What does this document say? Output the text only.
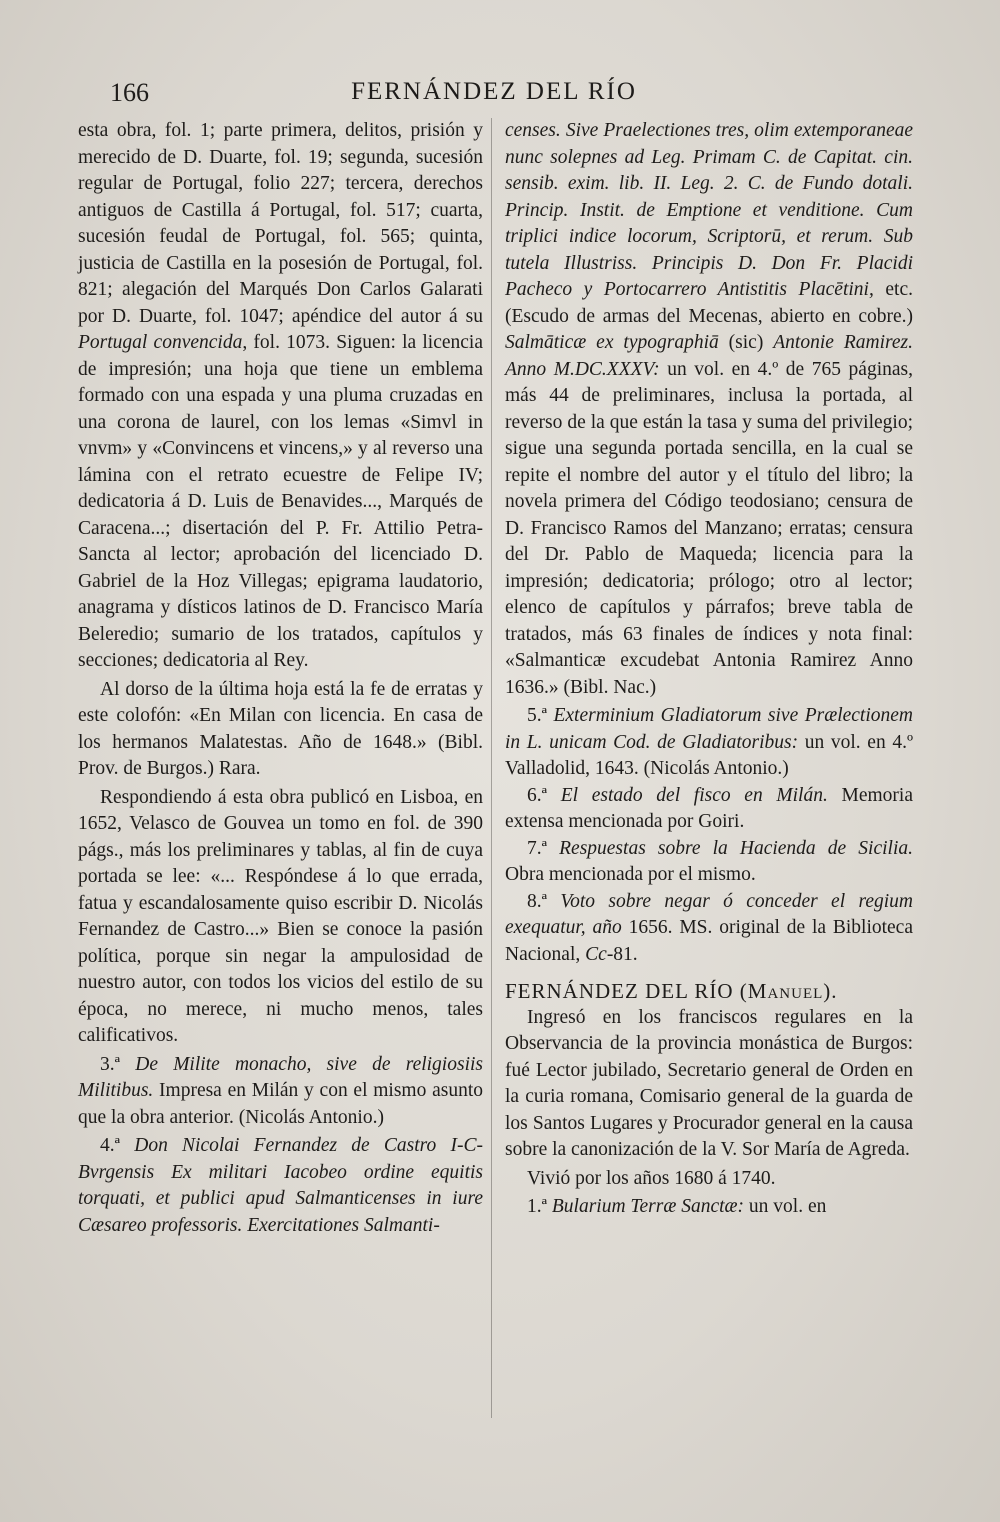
166	FERNÁNDEZ DEL RÍO

esta obra, fol. 1; parte primera, delitos, prisión y merecido de D. Duarte, fol. 19; segunda, sucesión regular de Portugal, folio 227; tercera, derechos antiguos de Castilla á Portugal, fol. 517; cuarta, sucesión feudal de Portugal, fol. 565; quinta, justicia de Castilla en la posesión de Portugal, fol. 821; alegación del Marqués Don Carlos Galarati por D. Duarte, fol. 1047; apéndice del autor á su Portugal convencida, fol. 1073. Siguen: la licencia de impresión; una hoja que tiene un emblema formado con una espada y una pluma cruzadas en una corona de laurel, con los lemas «Simvl in vnvm» y «Convincens et vincens,» y al reverso una lámina con el retrato ecuestre de Felipe IV; dedicatoria á D. Luis de Benavides..., Marqués de Caracena...; disertación del P. Fr. Attilio Petra-Sancta al lector; aprobación del licenciado D. Gabriel de la Hoz Villegas; epigrama laudatorio, anagrama y dísticos latinos de D. Francisco María Beleredio; sumario de los tratados, capítulos y secciones; dedicatoria al Rey.

Al dorso de la última hoja está la fe de erratas y este colofón: «En Milan con licencia. En casa de los hermanos Malatestas. Año de 1648.» (Bibl. Prov. de Burgos.) Rara.

Respondiendo á esta obra publicó en Lisboa, en 1652, Velasco de Gouvea un tomo en fol. de 390 págs., más los preliminares y tablas, al fin de cuya portada se lee: «... Respóndese á lo que errada, fatua y escandalosamente quiso escribir D. Nicolás Fernandez de Castro...» Bien se conoce la pasión política, porque sin negar la ampulosidad de nuestro autor, con todos los vicios del estilo de su época, no merece, ni mucho menos, tales calificativos.

3.ª De Milite monacho, sive de religiosiis Militibus. Impresa en Milán y con el mismo asunto que la obra anterior. (Nicolás Antonio.)

4.ª Don Nicolai Fernandez de Castro I-C-Bvrgensis Ex militari Iacobeo ordine equitis torquati, et publici apud Salmanticenses in iure Cæsareo professoris. Exercitationes Salmanti-

censes. Sive Praelectiones tres, olim extemporaneae nunc solepnes ad Leg. Primam C. de Capitat. cin. sensib. exim. lib. II. Leg. 2. C. de Fundo dotali. Princip. Instit. de Emptione et venditione. Cum triplici indice locorum, Scriptorū, et rerum. Sub tutela Illustriss. Principis D. Don Fr. Placidi Pacheco y Portocarrero Antistitis Placētini, etc. (Escudo de armas del Mecenas, abierto en cobre.) Salmāticæ ex typographiā (sic) Antonie Ramirez. Anno M.DC.XXXV: un vol. en 4.º de 765 páginas, más 44 de preliminares, inclusa la portada, al reverso de la que están la tasa y suma del privilegio; sigue una segunda portada sencilla, en la cual se repite el nombre del autor y el título del libro; la novela primera del Código teodosiano; censura de D. Francisco Ramos del Manzano; erratas; censura del Dr. Pablo de Maqueda; licencia para la impresión; dedicatoria; prólogo; otro al lector; elenco de capítulos y párrafos; breve tabla de tratados, más 63 finales de índices y nota final: «Salmanticæ excudebat Antonia Ramirez Anno 1636.» (Bibl. Nac.)

5.ª Exterminium Gladiatorum sive Prælectionem in L. unicam Cod. de Gladiatoribus: un vol. en 4.º Valladolid, 1643. (Nicolás Antonio.)

6.ª El estado del fisco en Milán. Memoria extensa mencionada por Goiri.

7.ª Respuestas sobre la Hacienda de Sicilia. Obra mencionada por el mismo.

8.ª Voto sobre negar ó conceder el regium exequatur, año 1656. MS. original de la Biblioteca Nacional, Cc-81.

FERNÁNDEZ DEL RÍO (Manuel).

Ingresó en los franciscos regulares en la Observancia de la provincia monástica de Burgos: fué Lector jubilado, Secretario general de Orden en la curia romana, Comisario general de la guarda de los Santos Lugares y Procurador general en la causa sobre la canonización de la V. Sor María de Agreda.

Vivió por los años 1680 á 1740.

1.ª Bularium Terræ Sanctæ: un vol. en
